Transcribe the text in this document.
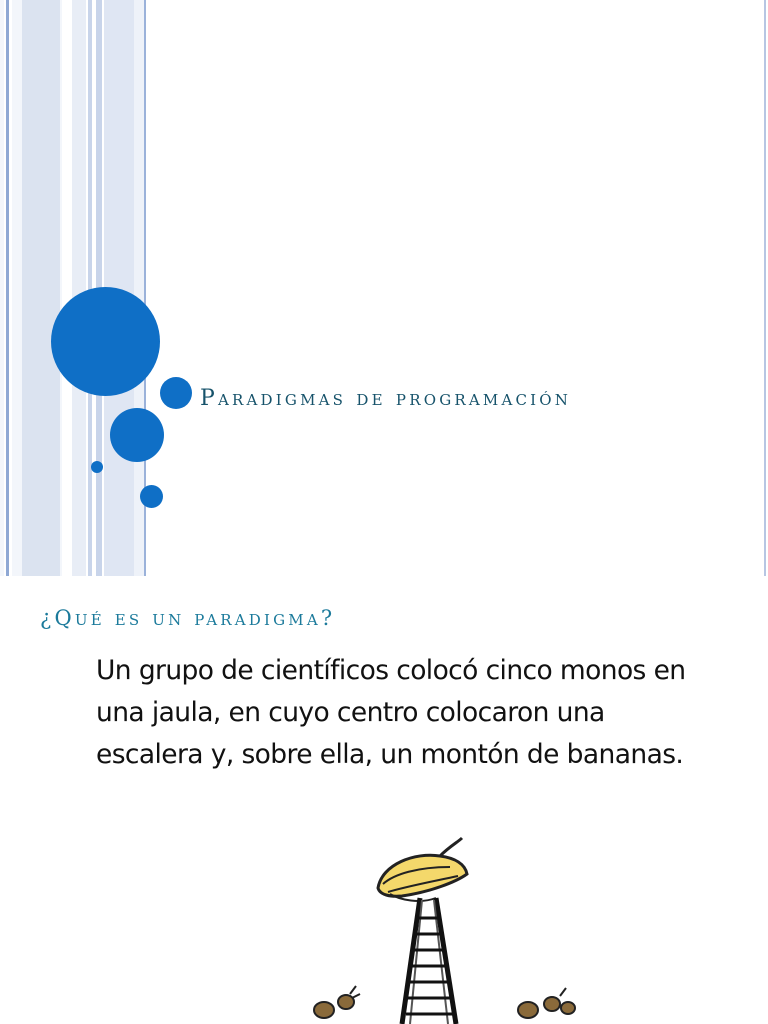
Paradigmas de programación
¿Qué es un paradigma?
Un grupo de científicos colocó cinco monos en una jaula, en cuyo centro colocaron una escalera y, sobre ella, un montón de bananas.
